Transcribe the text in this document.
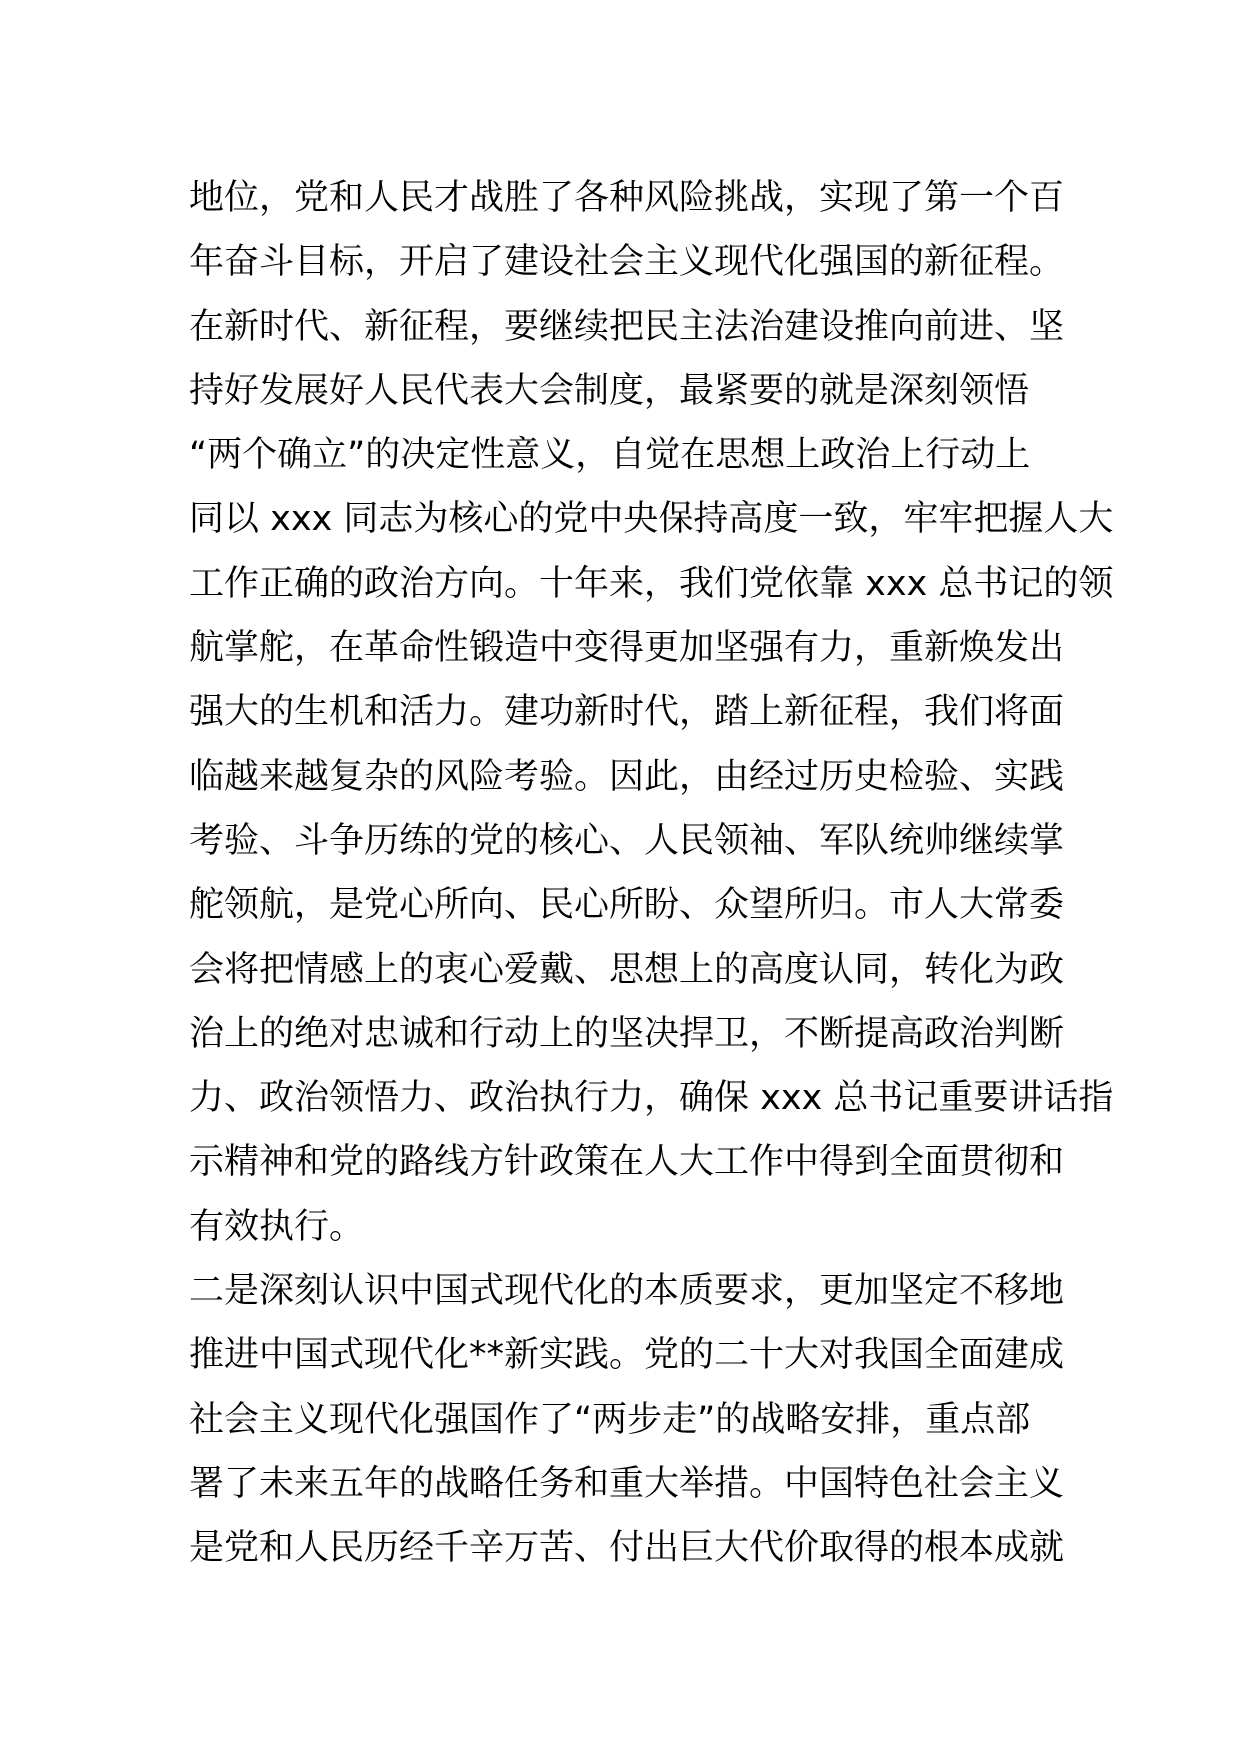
地位，党和人民才战胜了各种风险挑战，实现了第一个百
年奋斗目标，开启了建设社会主义现代化强国的新征程。
在新时代、新征程，要继续把民主法治建设推向前进、坚
持好发展好人民代表大会制度，最紧要的就是深刻领悟
“两个确立”的决定性意义，自觉在思想上政治上行动上
同以 xxx 同志为核心的党中央保持高度一致，牢牢把握人大
工作正确的政治方向。十年来，我们党依靠 xxx 总书记的领
航掌舵，在革命性锻造中变得更加坚强有力，重新焕发出
强大的生机和活力。建功新时代，踏上新征程，我们将面
临越来越复杂的风险考验。因此，由经过历史检验、实践
考验、斗争历练的党的核心、人民领袖、军队统帅继续掌
舵领航，是党心所向、民心所盼、众望所归。市人大常委
会将把情感上的衷心爱戴、思想上的高度认同，转化为政
治上的绝对忠诚和行动上的坚决捍卫，不断提高政治判断
力、政治领悟力、政治执行力，确保 xxx 总书记重要讲话指
示精神和党的路线方针政策在人大工作中得到全面贯彻和
有效执行。
二是深刻认识中国式现代化的本质要求，更加坚定不移地
推进中国式现代化**新实践。党的二十大对我国全面建成
社会主义现代化强国作了“两步走”的战略安排，重点部
署了未来五年的战略任务和重大举措。中国特色社会主义
是党和人民历经千辛万苦、付出巨大代价取得的根本成就
